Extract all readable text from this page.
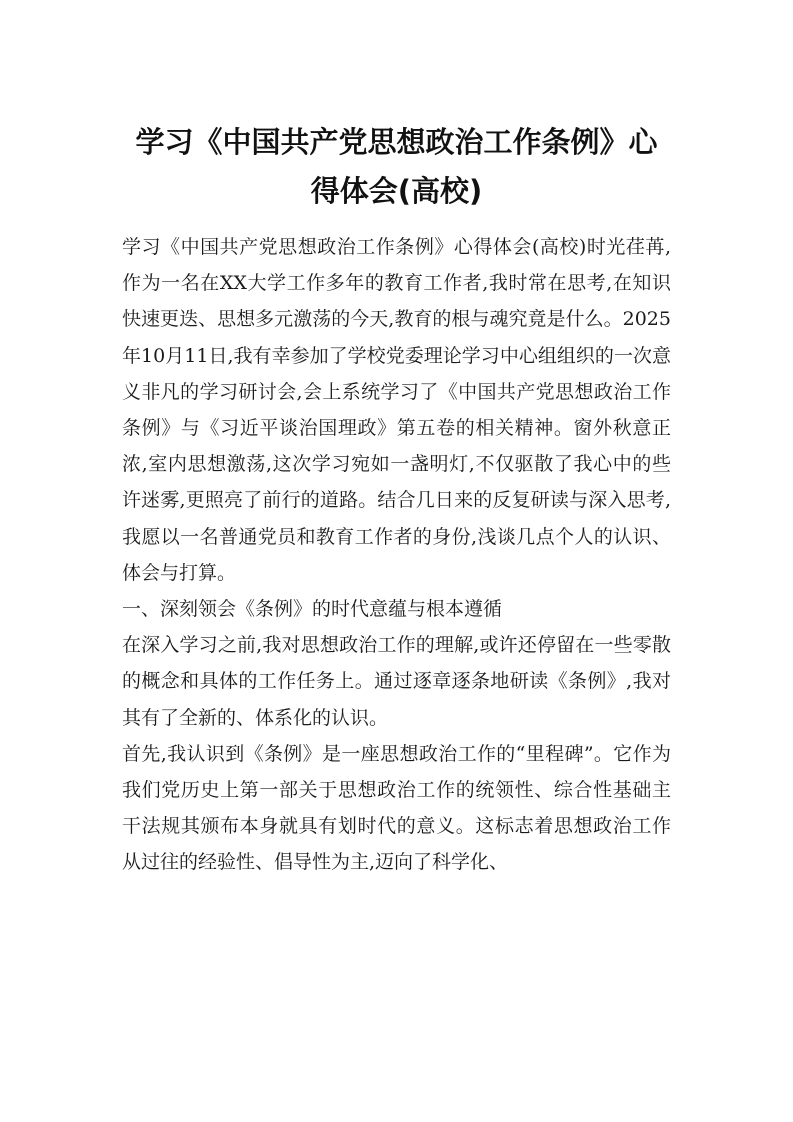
学习《中国共产党思想政治工作条例》心得体会(高校)

学习《中国共产党思想政治工作条例》心得体会(高校)时光荏苒,作为一名在XX大学工作多年的教育工作者,我时常在思考,在知识快速更迭、思想多元激荡的今天,教育的根与魂究竟是什么。2025年10月11日,我有幸参加了学校党委理论学习中心组组织的一次意义非凡的学习研讨会,会上系统学习了《中国共产党思想政治工作条例》与《习近平谈治国理政》第五卷的相关精神。窗外秋意正浓,室内思想激荡,这次学习宛如一盏明灯,不仅驱散了我心中的些许迷雾,更照亮了前行的道路。结合几日来的反复研读与深入思考,我愿以一名普通党员和教育工作者的身份,浅谈几点个人的认识、体会与打算。

一、深刻领会《条例》的时代意蕴与根本遵循

在深入学习之前,我对思想政治工作的理解,或许还停留在一些零散的概念和具体的工作任务上。通过逐章逐条地研读《条例》,我对其有了全新的、体系化的认识。

首先,我认识到《条例》是一座思想政治工作的“里程碑”。它作为我们党历史上第一部关于思想政治工作的统领性、综合性基础主干法规其颁布本身就具有划时代的意义。这标志着思想政治工作从过往的经验性、倡导性为主,迈向了科学化、
